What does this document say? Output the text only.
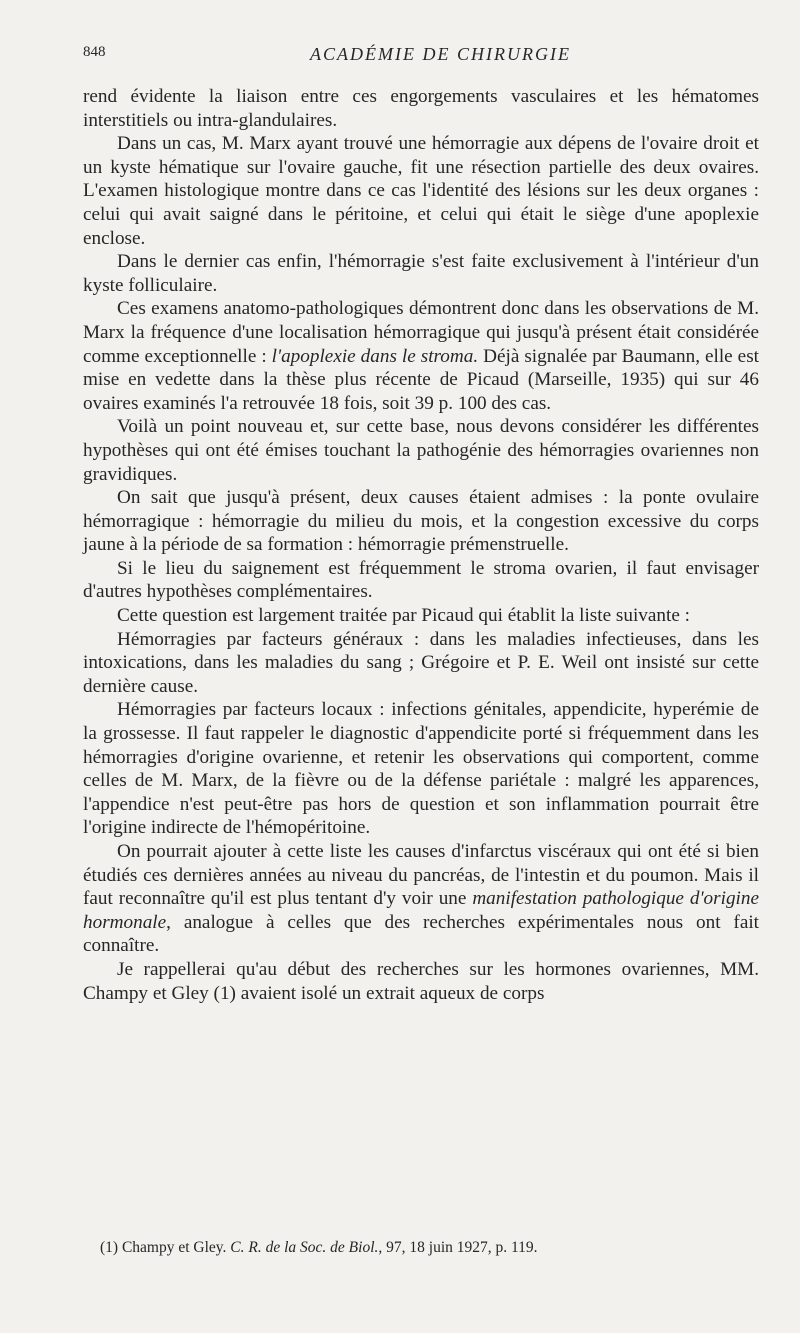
848	ACADÉMIE DE CHIRURGIE

rend évidente la liaison entre ces engorgements vasculaires et les hématomes interstitiels ou intra-glandulaires.

Dans un cas, M. Marx ayant trouvé une hémorragie aux dépens de l'ovaire droit et un kyste hématique sur l'ovaire gauche, fit une résection partielle des deux ovaires. L'examen histologique montre dans ce cas l'identité des lésions sur les deux organes : celui qui avait saigné dans le péritoine, et celui qui était le siège d'une apoplexie enclose.

Dans le dernier cas enfin, l'hémorragie s'est faite exclusivement à l'intérieur d'un kyste folliculaire.

Ces examens anatomo-pathologiques démontrent donc dans les observations de M. Marx la fréquence d'une localisation hémorragique qui jusqu'à présent était considérée comme exceptionnelle : l'apoplexie dans le stroma. Déjà signalée par Baumann, elle est mise en vedette dans la thèse plus récente de Picaud (Marseille, 1935) qui sur 46 ovaires examinés l'a retrouvée 18 fois, soit 39 p. 100 des cas.

Voilà un point nouveau et, sur cette base, nous devons considérer les différentes hypothèses qui ont été émises touchant la pathogénie des hémorragies ovariennes non gravidiques.

On sait que jusqu'à présent, deux causes étaient admises : la ponte ovulaire hémorragique : hémorragie du milieu du mois, et la congestion excessive du corps jaune à la période de sa formation : hémorragie prémenstruelle.

Si le lieu du saignement est fréquemment le stroma ovarien, il faut envisager d'autres hypothèses complémentaires.

Cette question est largement traitée par Picaud qui établit la liste suivante :

Hémorragies par facteurs généraux : dans les maladies infectieuses, dans les intoxications, dans les maladies du sang ; Grégoire et P. E. Weil ont insisté sur cette dernière cause.

Hémorragies par facteurs locaux : infections génitales, appendicite, hyperémie de la grossesse. Il faut rappeler le diagnostic d'appendicite porté si fréquemment dans les hémorragies d'origine ovarienne, et retenir les observations qui comportent, comme celles de M. Marx, de la fièvre ou de la défense pariétale : malgré les apparences, l'appendice n'est peut-être pas hors de question et son inflammation pourrait être l'origine indirecte de l'hémopéritoine.

On pourrait ajouter à cette liste les causes d'infarctus viscéraux qui ont été si bien étudiés ces dernières années au niveau du pancréas, de l'intestin et du poumon. Mais il faut reconnaître qu'il est plus tentant d'y voir une manifestation pathologique d'origine hormonale, analogue à celles que des recherches expérimentales nous ont fait connaître.

Je rappellerai qu'au début des recherches sur les hormones ovariennes, MM. Champy et Gley (1) avaient isolé un extrait aqueux de corps

(1) Champy et Gley. C. R. de la Soc. de Biol., 97, 18 juin 1927, p. 119.
